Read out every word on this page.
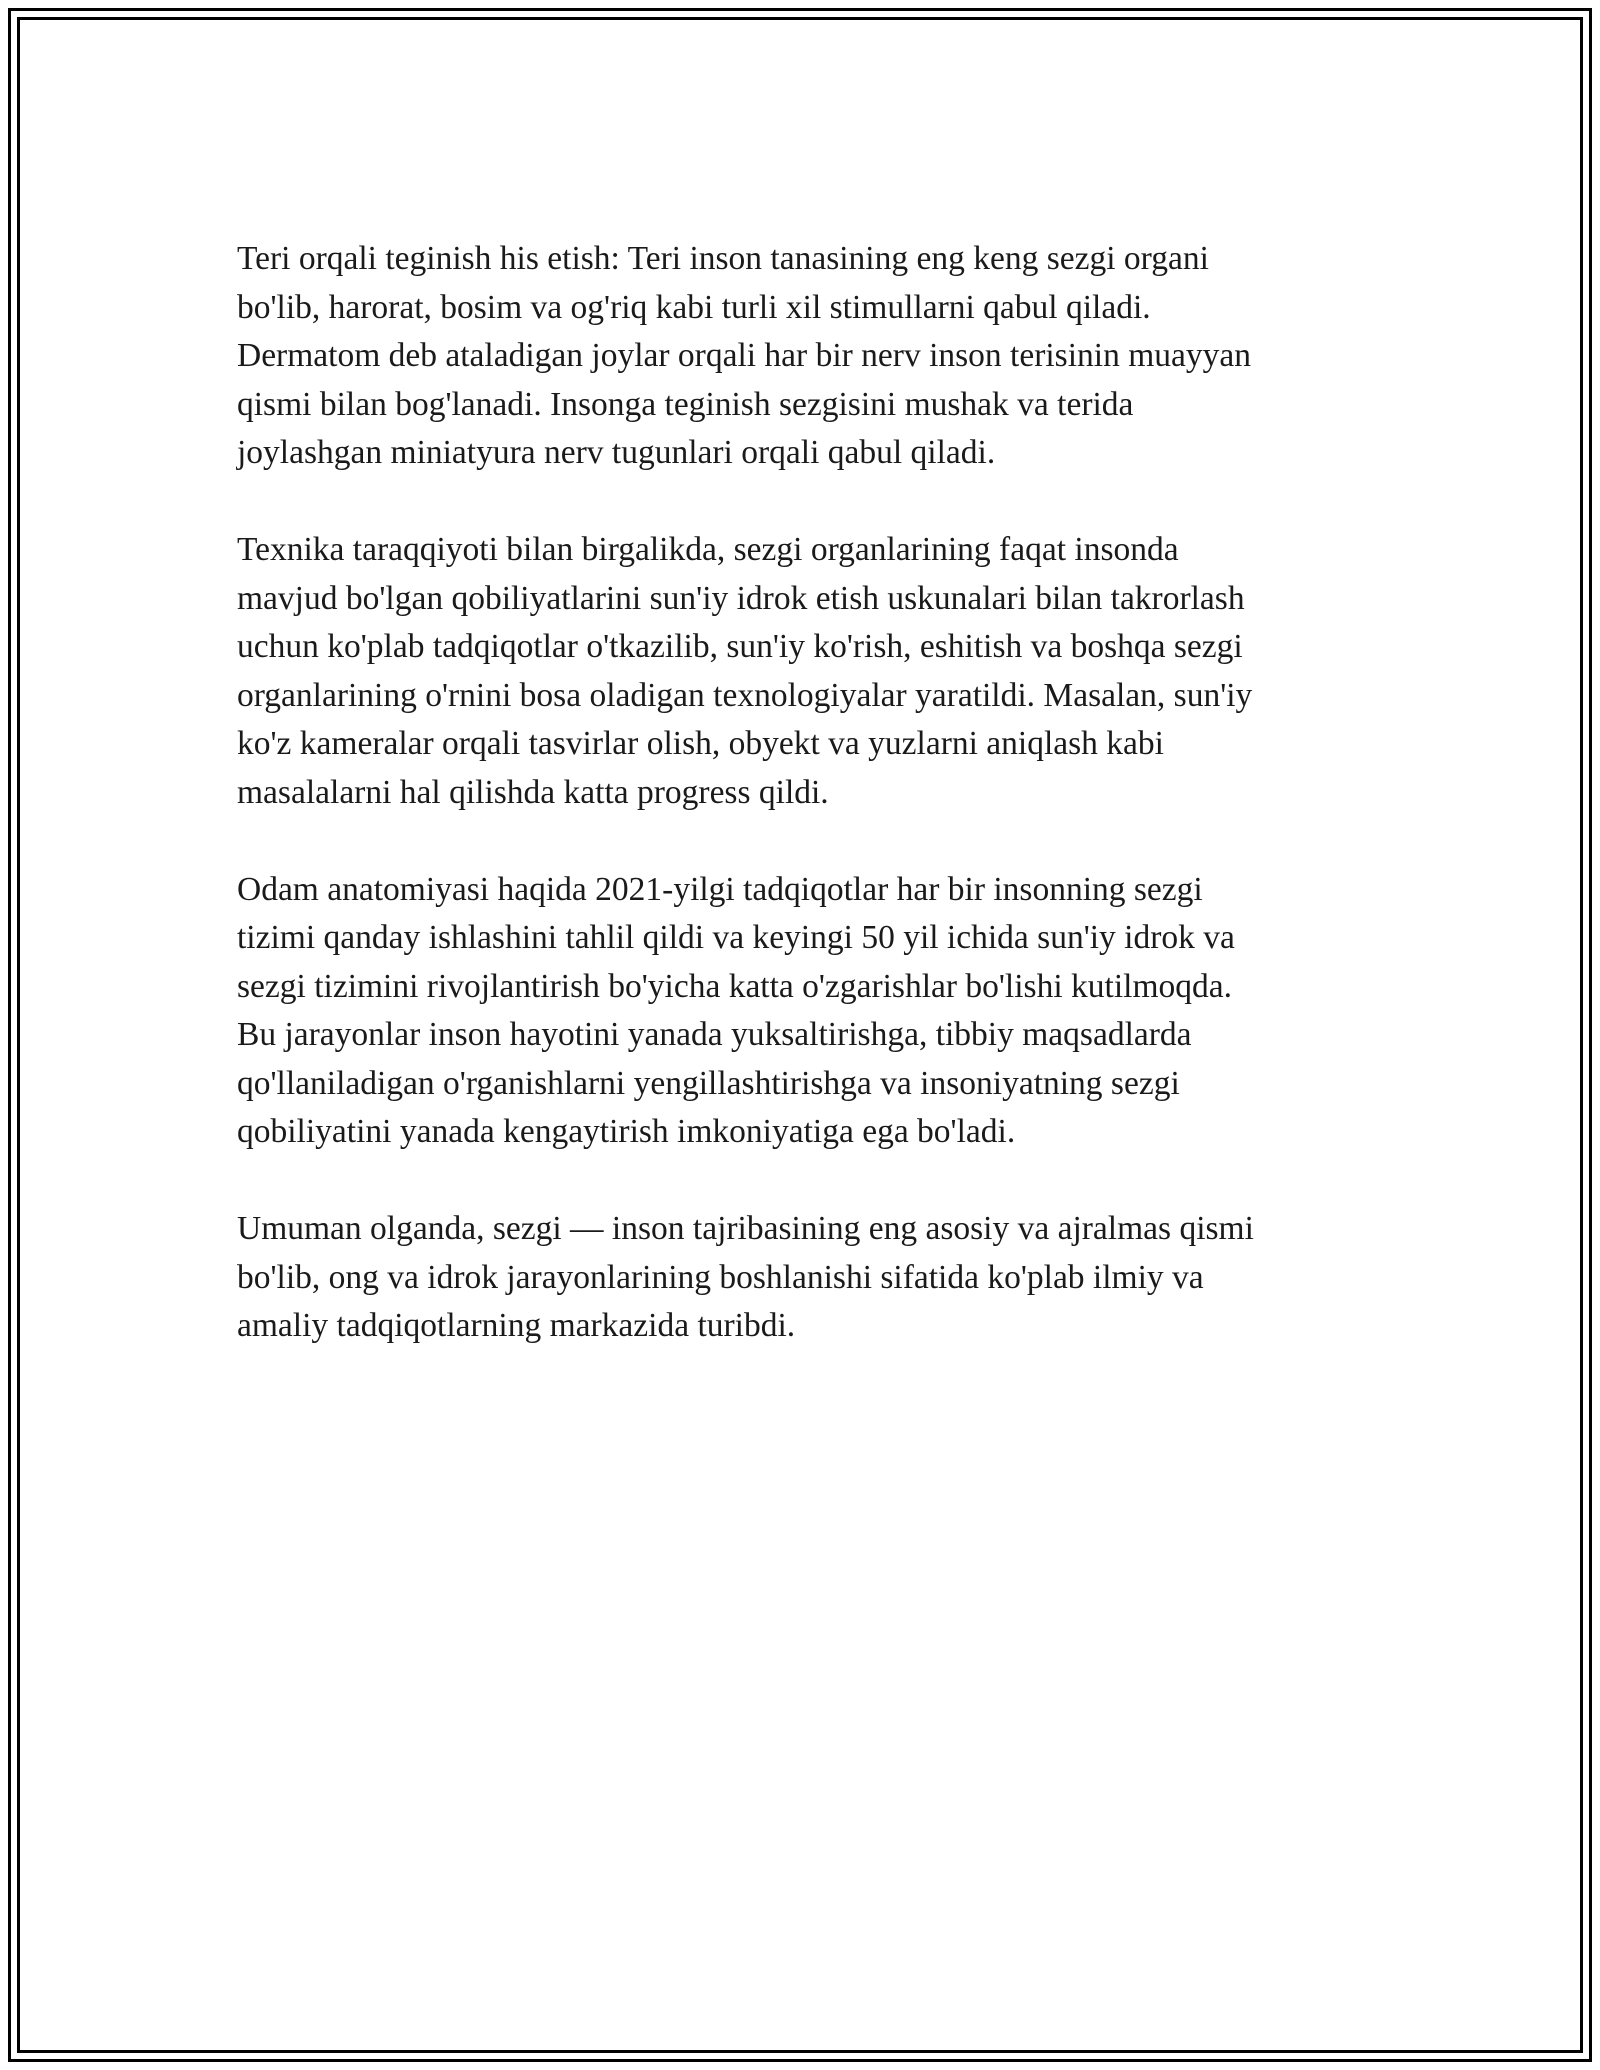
Teri orqali teginish his etish: Teri inson tanasining eng keng sezgi organi
bo'lib, harorat, bosim va og'riq kabi turli xil stimullarni qabul qiladi.
Dermatom deb ataladigan joylar orqali har bir nerv inson terisinin muayyan
qismi bilan bog'lanadi. Insonga teginish sezgisini mushak va terida
joylashgan miniatyura nerv tugunlari orqali qabul qiladi.

Texnika taraqqiyoti bilan birgalikda, sezgi organlarining faqat insonda
mavjud bo'lgan qobiliyatlarini sun'iy idrok etish uskunalari bilan takrorlash
uchun ko'plab tadqiqotlar o'tkazilib, sun'iy ko'rish, eshitish va boshqa sezgi
organlarining o'rnini bosa oladigan texnologiyalar yaratildi. Masalan, sun'iy
ko'z kameralar orqali tasvirlar olish, obyekt va yuzlarni aniqlash kabi
masalalarni hal qilishda katta progress qildi.

Odam anatomiyasi haqida 2021-yilgi tadqiqotlar har bir insonning sezgi
tizimi qanday ishlashini tahlil qildi va keyingi 50 yil ichida sun'iy idrok va
sezgi tizimini rivojlantirish bo'yicha katta o'zgarishlar bo'lishi kutilmoqda.
Bu jarayonlar inson hayotini yanada yuksaltirishga, tibbiy maqsadlarda
qo'llaniladigan o'rganishlarni yengillashtirishga va insoniyatning sezgi
qobiliyatini yanada kengaytirish imkoniyatiga ega bo'ladi.

Umuman olganda, sezgi — inson tajribasining eng asosiy va ajralmas qismi
bo'lib, ong va idrok jarayonlarining boshlanishi sifatida ko'plab ilmiy va
amaliy tadqiqotlarning markazida turibdi.
